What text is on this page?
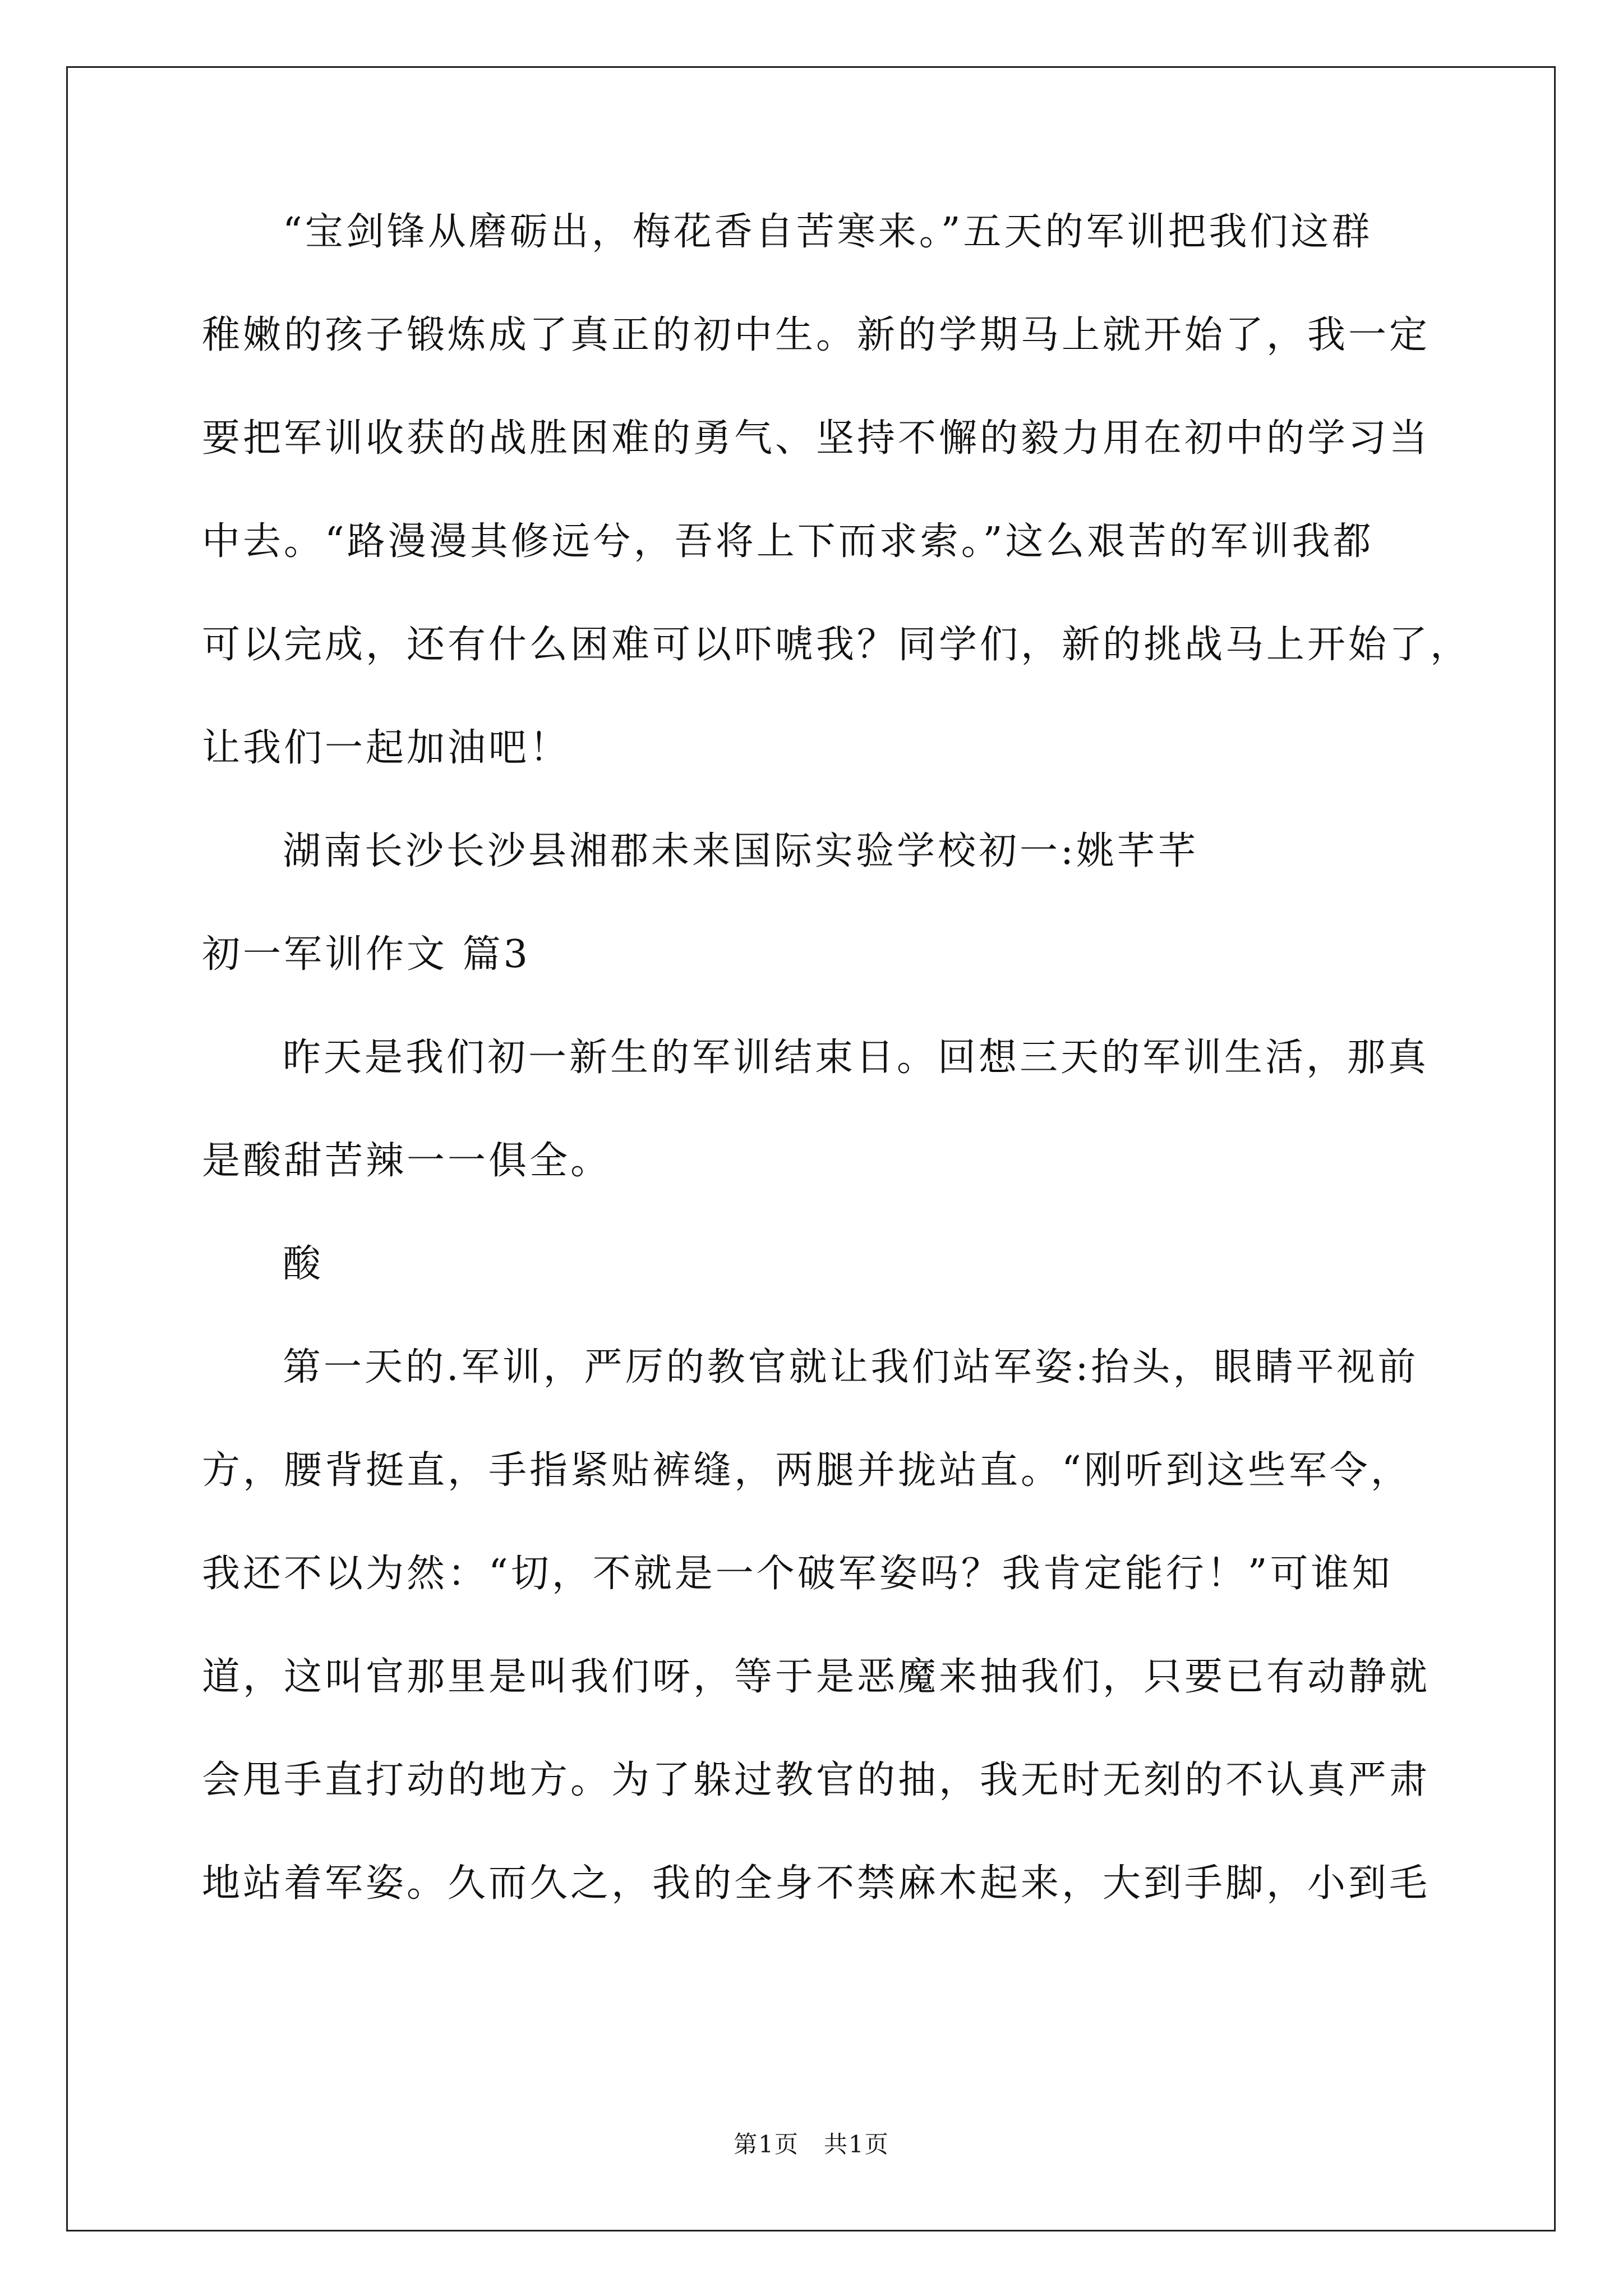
“宝剑锋从磨砺出，梅花香自苦寒来。”五天的军训把我们这群
稚嫩的孩子锻炼成了真正的初中生。新的学期马上就开始了，我一定
要把军训收获的战胜困难的勇气、坚持不懈的毅力用在初中的学习当
中去。“路漫漫其修远兮，吾将上下而求索。”这么艰苦的军训我都
可以完成，还有什么困难可以吓唬我？同学们，新的挑战马上开始了，
让我们一起加油吧！
湖南长沙长沙县湘郡未来国际实验学校初一:姚芊芊
初一军训作文 篇3
昨天是我们初一新生的军训结束日。回想三天的军训生活，那真
是酸甜苦辣一一俱全。
酸
第一天的.军训，严厉的教官就让我们站军姿:抬头，眼睛平视前
方，腰背挺直，手指紧贴裤缝，两腿并拢站直。“刚听到这些军令，
我还不以为然：“切，不就是一个破军姿吗？我肯定能行！”可谁知
道，这叫官那里是叫我们呀，等于是恶魔来抽我们，只要已有动静就
会甩手直打动的地方。为了躲过教官的抽，我无时无刻的不认真严肃
地站着军姿。久而久之，我的全身不禁麻木起来，大到手脚，小到毛
第1页　共1页
